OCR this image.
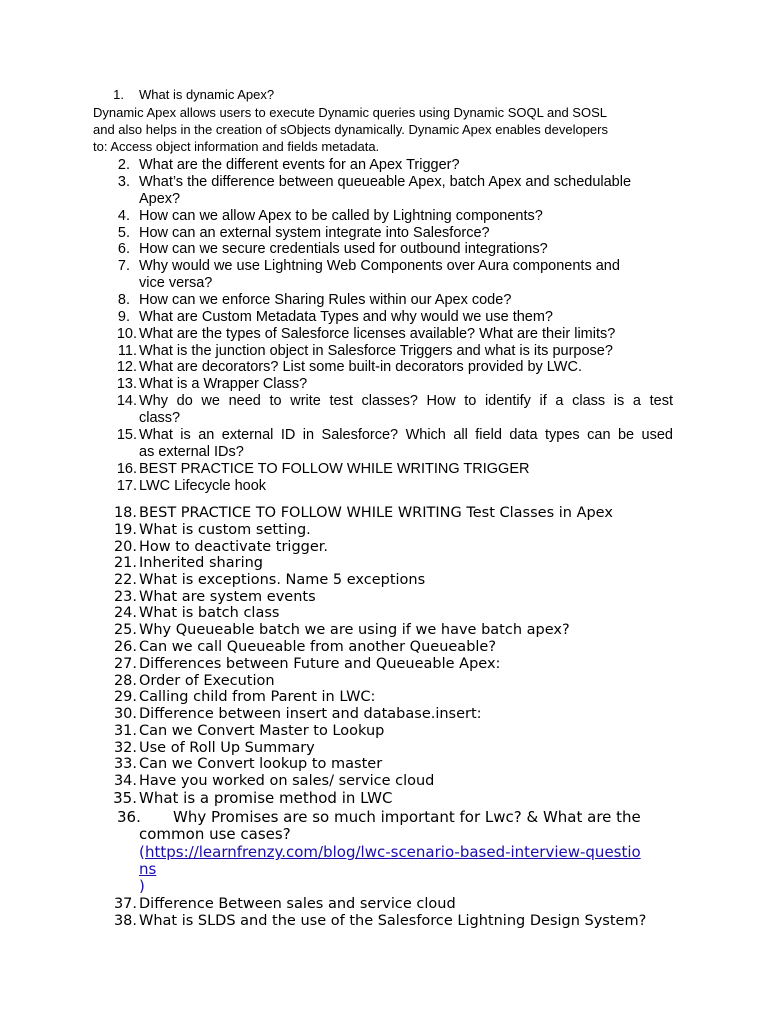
1. What is dynamic Apex?
Dynamic Apex allows users to execute Dynamic queries using Dynamic SOQL and SOSL
and also helps in the creation of sObjects dynamically. Dynamic Apex enables developers
to: Access object information and fields metadata.
2. What are the different events for an Apex Trigger?
3. What’s the difference between queueable Apex, batch Apex and schedulable
Apex?
4. How can we allow Apex to be called by Lightning components?
5. How can an external system integrate into Salesforce?
6. How can we secure credentials used for outbound integrations?
7. Why would we use Lightning Web Components over Aura components and
vice versa?
8. How can we enforce Sharing Rules within our Apex code?
9. What are Custom Metadata Types and why would we use them?
10. What are the types of Salesforce licenses available? What are their limits?
11. What is the junction object in Salesforce Triggers and what is its purpose?
12. What are decorators? List some built-in decorators provided by LWC.
13. What is a Wrapper Class?
14. Why do we need to write test classes? How to identify if a class is a test
class?
15. What is an external ID in Salesforce? Which all field data types can be used
as external IDs?
16. BEST PRACTICE TO FOLLOW WHILE WRITING TRIGGER
17. LWC Lifecycle hook
18. BEST PRACTICE TO FOLLOW WHILE WRITING Test Classes in Apex
19. What is custom setting.
20. How to deactivate trigger.
21. Inherited sharing
22. What is exceptions. Name 5 exceptions
23. What are system events
24. What is batch class
25. Why Queueable batch we are using if we have batch apex?
26. Can we call Queueable from another Queueable?
27. Differences between Future and Queueable Apex:
28. Order of Execution
29. Calling child from Parent in LWC:
30. Difference between insert and database.insert:
31. Can we Convert Master to Lookup
32. Use of Roll Up Summary
33. Can we Convert lookup to master
34. Have you worked on sales/ service cloud
35. What is a promise method in LWC
36. Why Promises are so much important for Lwc? & What are the
common use cases?
( https://learnfrenzy.com/blog/lwc-scenario-based-interview-questio
ns
)
37. Difference Between sales and service cloud
38. What is SLDS and the use of the Salesforce Lightning Design System?
